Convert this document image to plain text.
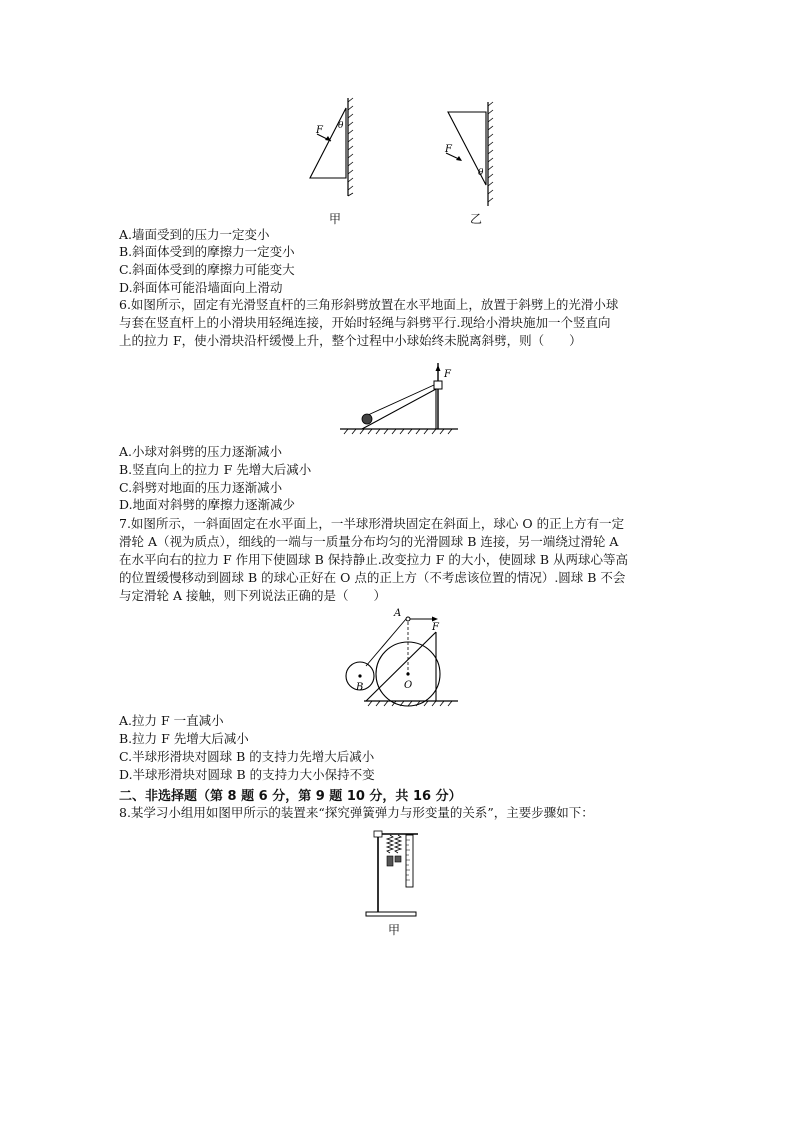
F θ
甲
F
θ
乙
A.墙面受到的压力一定变小
B.斜面体受到的摩擦力一定变小
C.斜面体受到的摩擦力可能变大
D.斜面体可能沿墙面向上滑动
6.如图所示，固定有光滑竖直杆的三角形斜劈放置在水平地面上，放置于斜劈上的光滑小球
与套在竖直杆上的小滑块用轻绳连接，开始时轻绳与斜劈平行.现给小滑块施加一个竖直向
上的拉力 F，使小滑块沿杆缓慢上升，整个过程中小球始终未脱离斜劈，则（　　）
F
A.小球对斜劈的压力逐渐减小
B.竖直向上的拉力 F 先增大后减小
C.斜劈对地面的压力逐渐减小
D.地面对斜劈的摩擦力逐渐减少
7.如图所示，一斜面固定在水平面上，一半球形滑块固定在斜面上，球心 O 的正上方有一定
滑轮 A（视为质点），细线的一端与一质量分布均匀的光滑圆球 B 连接，另一端绕过滑轮 A
在水平向右的拉力 F 作用下使圆球 B 保持静止.改变拉力 F 的大小，使圆球 B 从两球心等高
的位置缓慢移动到圆球 B 的球心正好在 O 点的正上方（不考虑该位置的情况）.圆球 B 不会
与定滑轮 A 接触，则下列说法正确的是（　　）
A
F
B	O
A.拉力 F 一直减小
B.拉力 F 先增大后减小
C.半球形滑块对圆球 B 的支持力先增大后减小
D.半球形滑块对圆球 B 的支持力大小保持不变
二、非选择题（第 8 题 6 分，第 9 题 10 分，共 16 分）
8.某学习小组用如图甲所示的装置来“探究弹簧弹力与形变量的关系”，主要步骤如下：
甲
